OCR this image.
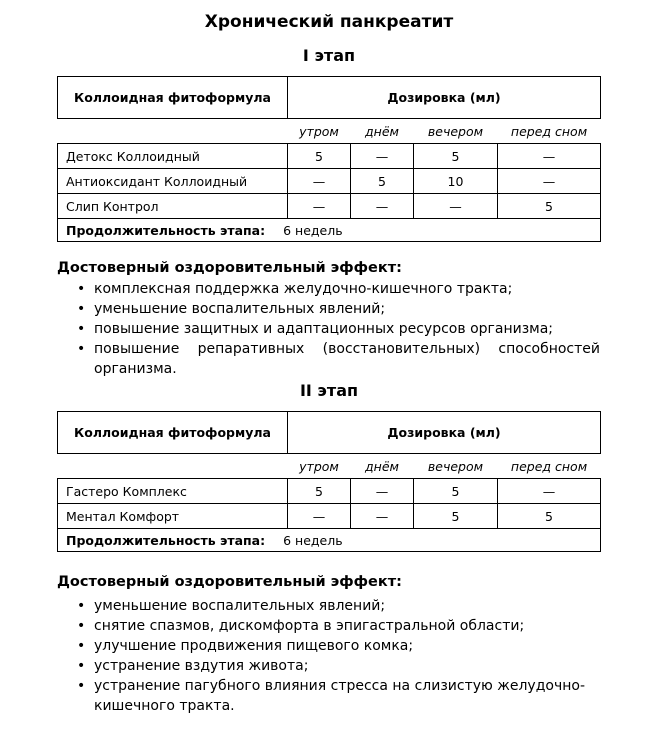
Хронический панкреатит
I этап
Коллоидная фитоформула	Дозировка (мл)			
	утром	днём	вечером	перед сном
Детокс Коллоидный	5	—	5	—
Антиоксидант Коллоидный	—	5	10	—
Слип Контрол	—	—	—	5
Продолжительность этапа: 6 недель				
Достоверный оздоровительный эффект:
• комплексная поддержка желудочно-кишечного тракта;
• уменьшение воспалительных явлений;
• повышение защитных и адаптационных ресурсов организма;
• повышение репаративных (восстановительных) способностей организма.
II этап
Коллоидная фитоформула	Дозировка (мл)			
	утром	днём	вечером	перед сном
Гастеро Комплекс	5	—	5	—
Ментал Комфорт	—	—	5	5
Продолжительность этапа: 6 недель				
Достоверный оздоровительный эффект:
• уменьшение воспалительных явлений;
• снятие спазмов, дискомфорта в эпигастральной области;
• улучшение продвижения пищевого комка;
• устранение вздутия живота;
• устранение пагубного влияния стресса на слизистую желудочно-кишечного тракта.
